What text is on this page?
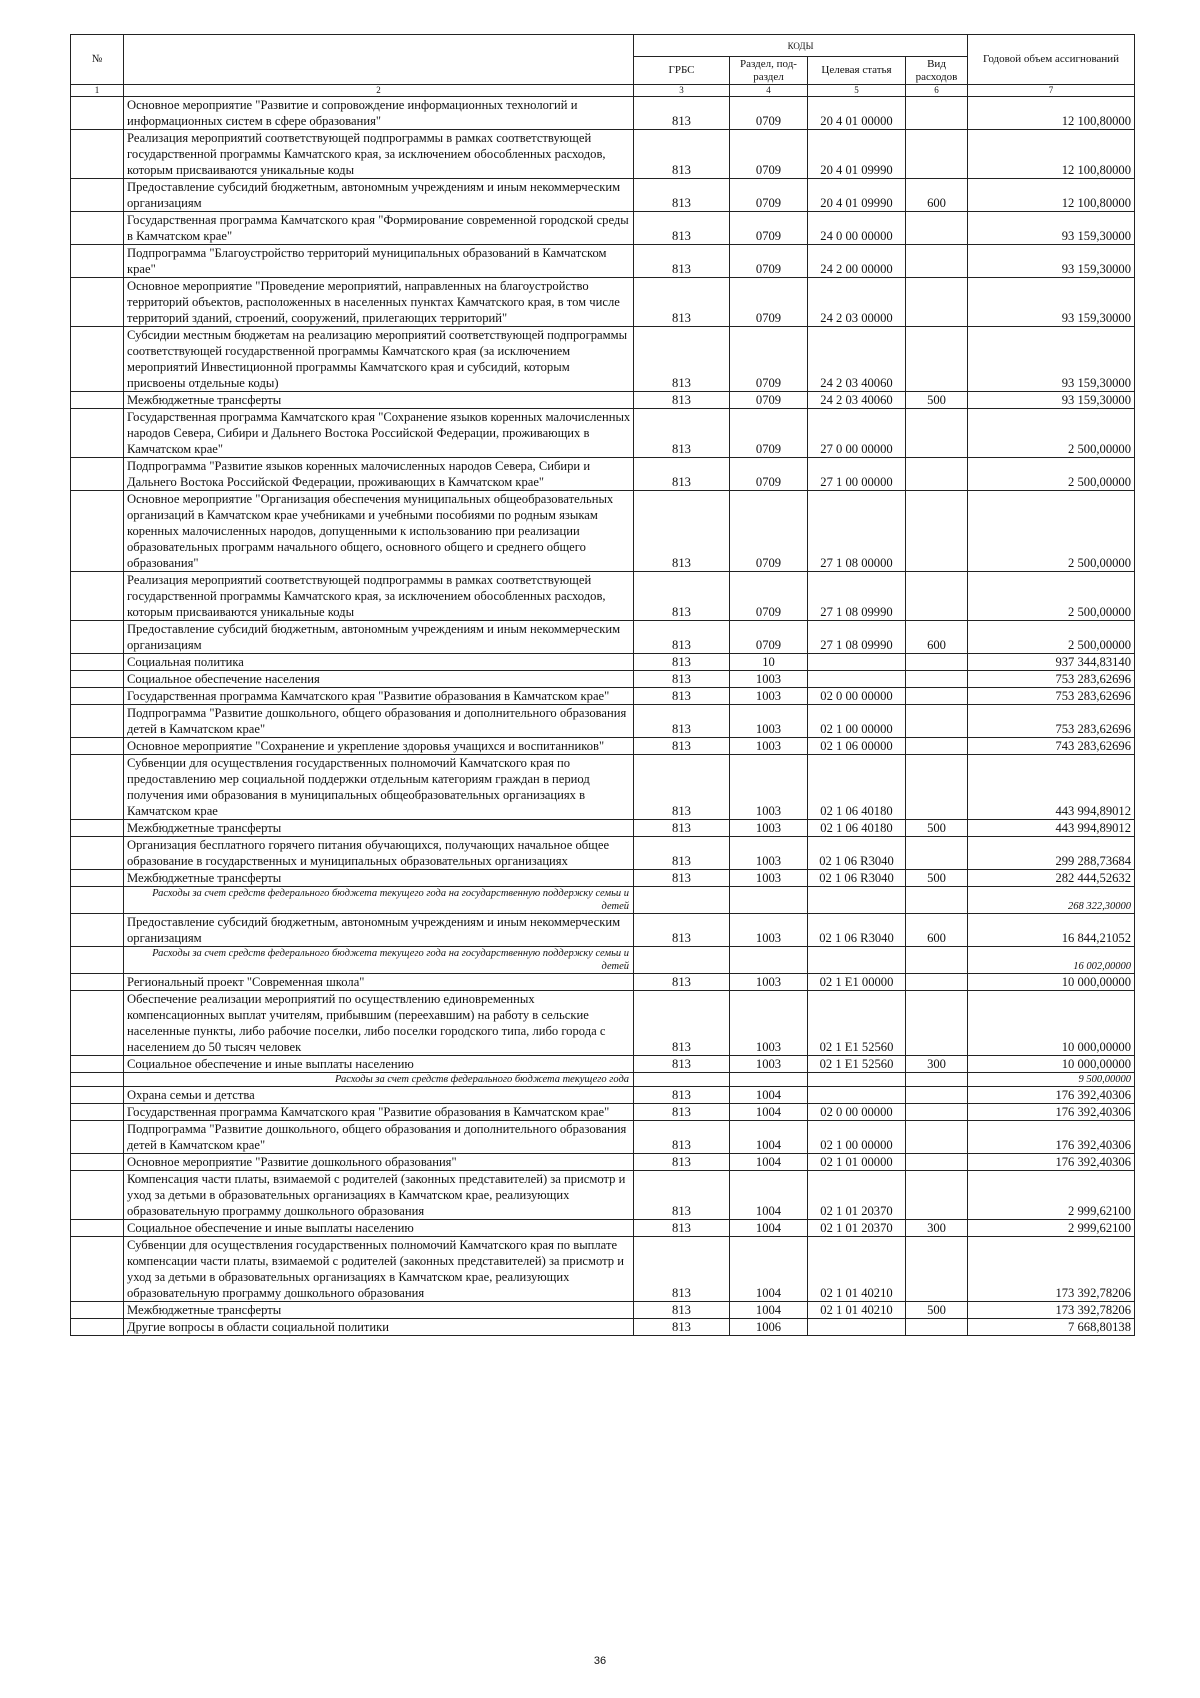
№		КОДЫ				Годовой объем ассигнований
		ГРБС	Раздел, под-раздел	Целевая статья	Вид расходов	
1	2	3	4	5	6	7
	Основное мероприятие "Развитие и сопровождение информационных технологий и информационных систем в сфере образования"	813	0709	20 4 01 00000		12 100,80000
	Реализация мероприятий соответствующей подпрограммы в рамках соответствующей государственной программы Камчатского края, за исключением обособленных расходов, которым присваиваются уникальные коды	813	0709	20 4 01 09990		12 100,80000
	Предоставление субсидий бюджетным, автономным учреждениям и иным некоммерческим организациям	813	0709	20 4 01 09990	600	12 100,80000
	Государственная программа Камчатского края "Формирование современной городской среды в Камчатском крае"	813	0709	24 0 00 00000		93 159,30000
	Подпрограмма "Благоустройство территорий муниципальных образований в Камчатском крае"	813	0709	24 2 00 00000		93 159,30000
	Основное мероприятие "Проведение мероприятий, направленных на благоустройство территорий объектов, расположенных в населенных пунктах Камчатского края, в том числе территорий зданий, строений, сооружений, прилегающих территорий"	813	0709	24 2 03 00000		93 159,30000
	Субсидии местным бюджетам на реализацию мероприятий соответствующей подпрограммы соответствующей государственной программы Камчатского края (за исключением мероприятий Инвестиционной программы Камчатского края и субсидий, которым присвоены отдельные коды)	813	0709	24 2 03 40060		93 159,30000
	Межбюджетные трансферты	813	0709	24 2 03 40060	500	93 159,30000
	Государственная программа Камчатского края "Сохранение языков коренных малочисленных народов Севера, Сибири и Дальнего Востока Российской Федерации, проживающих в Камчатском крае"	813	0709	27 0 00 00000		2 500,00000
	Подпрограмма "Развитие языков коренных малочисленных народов Севера, Сибири и Дальнего Востока Российской Федерации, проживающих в Камчатском крае"	813	0709	27 1 00 00000		2 500,00000
	Основное мероприятие "Организация обеспечения муниципальных общеобразовательных организаций в Камчатском крае учебниками и учебными пособиями по родным языкам коренных малочисленных народов, допущенными к использованию при реализации образовательных программ начального общего, основного общего и среднего общего образования"	813	0709	27 1 08 00000		2 500,00000
	Реализация мероприятий соответствующей подпрограммы в рамках соответствующей государственной программы Камчатского края, за исключением обособленных расходов, которым присваиваются уникальные коды	813	0709	27 1 08 09990		2 500,00000
	Предоставление субсидий бюджетным, автономным учреждениям и иным некоммерческим организациям	813	0709	27 1 08 09990	600	2 500,00000
	Социальная политика	813	10			937 344,83140
	Социальное обеспечение населения	813	1003			753 283,62696
	Государственная программа Камчатского края "Развитие образования в Камчатском крае"	813	1003	02 0 00 00000		753 283,62696
	Подпрограмма "Развитие дошкольного, общего образования и дополнительного образования детей в Камчатском крае"	813	1003	02 1 00 00000		753 283,62696
	Основное мероприятие "Сохранение и укрепление здоровья учащихся и воспитанников"	813	1003	02 1 06 00000		743 283,62696
	Субвенции для осуществления государственных полномочий Камчатского края по предоставлению мер социальной поддержки отдельным категориям граждан в период получения ими образования в муниципальных общеобразовательных организациях в Камчатском крае	813	1003	02 1 06 40180		443 994,89012
	Межбюджетные трансферты	813	1003	02 1 06 40180	500	443 994,89012
	Организация бесплатного горячего питания обучающихся, получающих начальное общее образование в государственных и муниципальных образовательных организациях	813	1003	02 1 06 R3040		299 288,73684
	Межбюджетные трансферты	813	1003	02 1 06 R3040	500	282 444,52632
	Расходы за счет средств федерального бюджета текущего года на государственную поддержку семьи и детей					268 322,30000
	Предоставление субсидий бюджетным, автономным учреждениям и иным некоммерческим организациям	813	1003	02 1 06 R3040	600	16 844,21052
	Расходы за счет средств федерального бюджета текущего года на государственную поддержку семьи и детей					16 002,00000
	Региональный проект "Современная школа"	813	1003	02 1 E1 00000		10 000,00000
	Обеспечение реализации мероприятий по осуществлению единовременных компенсационных выплат учителям, прибывшим (переехавшим) на работу в сельские населенные пункты, либо рабочие поселки, либо поселки городского типа, либо города с населением до 50 тысяч человек	813	1003	02 1 E1 52560		10 000,00000
	Социальное обеспечение и иные выплаты населению	813	1003	02 1 E1 52560	300	10 000,00000
	Расходы за счет средств федерального бюджета текущего года					9 500,00000
	Охрана семьи и детства	813	1004			176 392,40306
	Государственная программа Камчатского края "Развитие образования в Камчатском крае"	813	1004	02 0 00 00000		176 392,40306
	Подпрограмма "Развитие дошкольного, общего образования и дополнительного образования детей в Камчатском крае"	813	1004	02 1 00 00000		176 392,40306
	Основное мероприятие "Развитие дошкольного образования"	813	1004	02 1 01 00000		176 392,40306
	Компенсация части платы, взимаемой с родителей (законных представителей) за присмотр и уход за детьми в образовательных организациях в Камчатском крае, реализующих образовательную программу дошкольного образования	813	1004	02 1 01 20370		2 999,62100
	Социальное обеспечение и иные выплаты населению	813	1004	02 1 01 20370	300	2 999,62100
	Субвенции для осуществления государственных полномочий Камчатского края по выплате компенсации части платы, взимаемой с родителей (законных представителей) за присмотр и уход за детьми в образовательных организациях в Камчатском крае, реализующих образовательную программу дошкольного образования	813	1004	02 1 01 40210		173 392,78206
	Межбюджетные трансферты	813	1004	02 1 01 40210	500	173 392,78206
	Другие вопросы в области социальной политики	813	1006			7 668,80138
36
